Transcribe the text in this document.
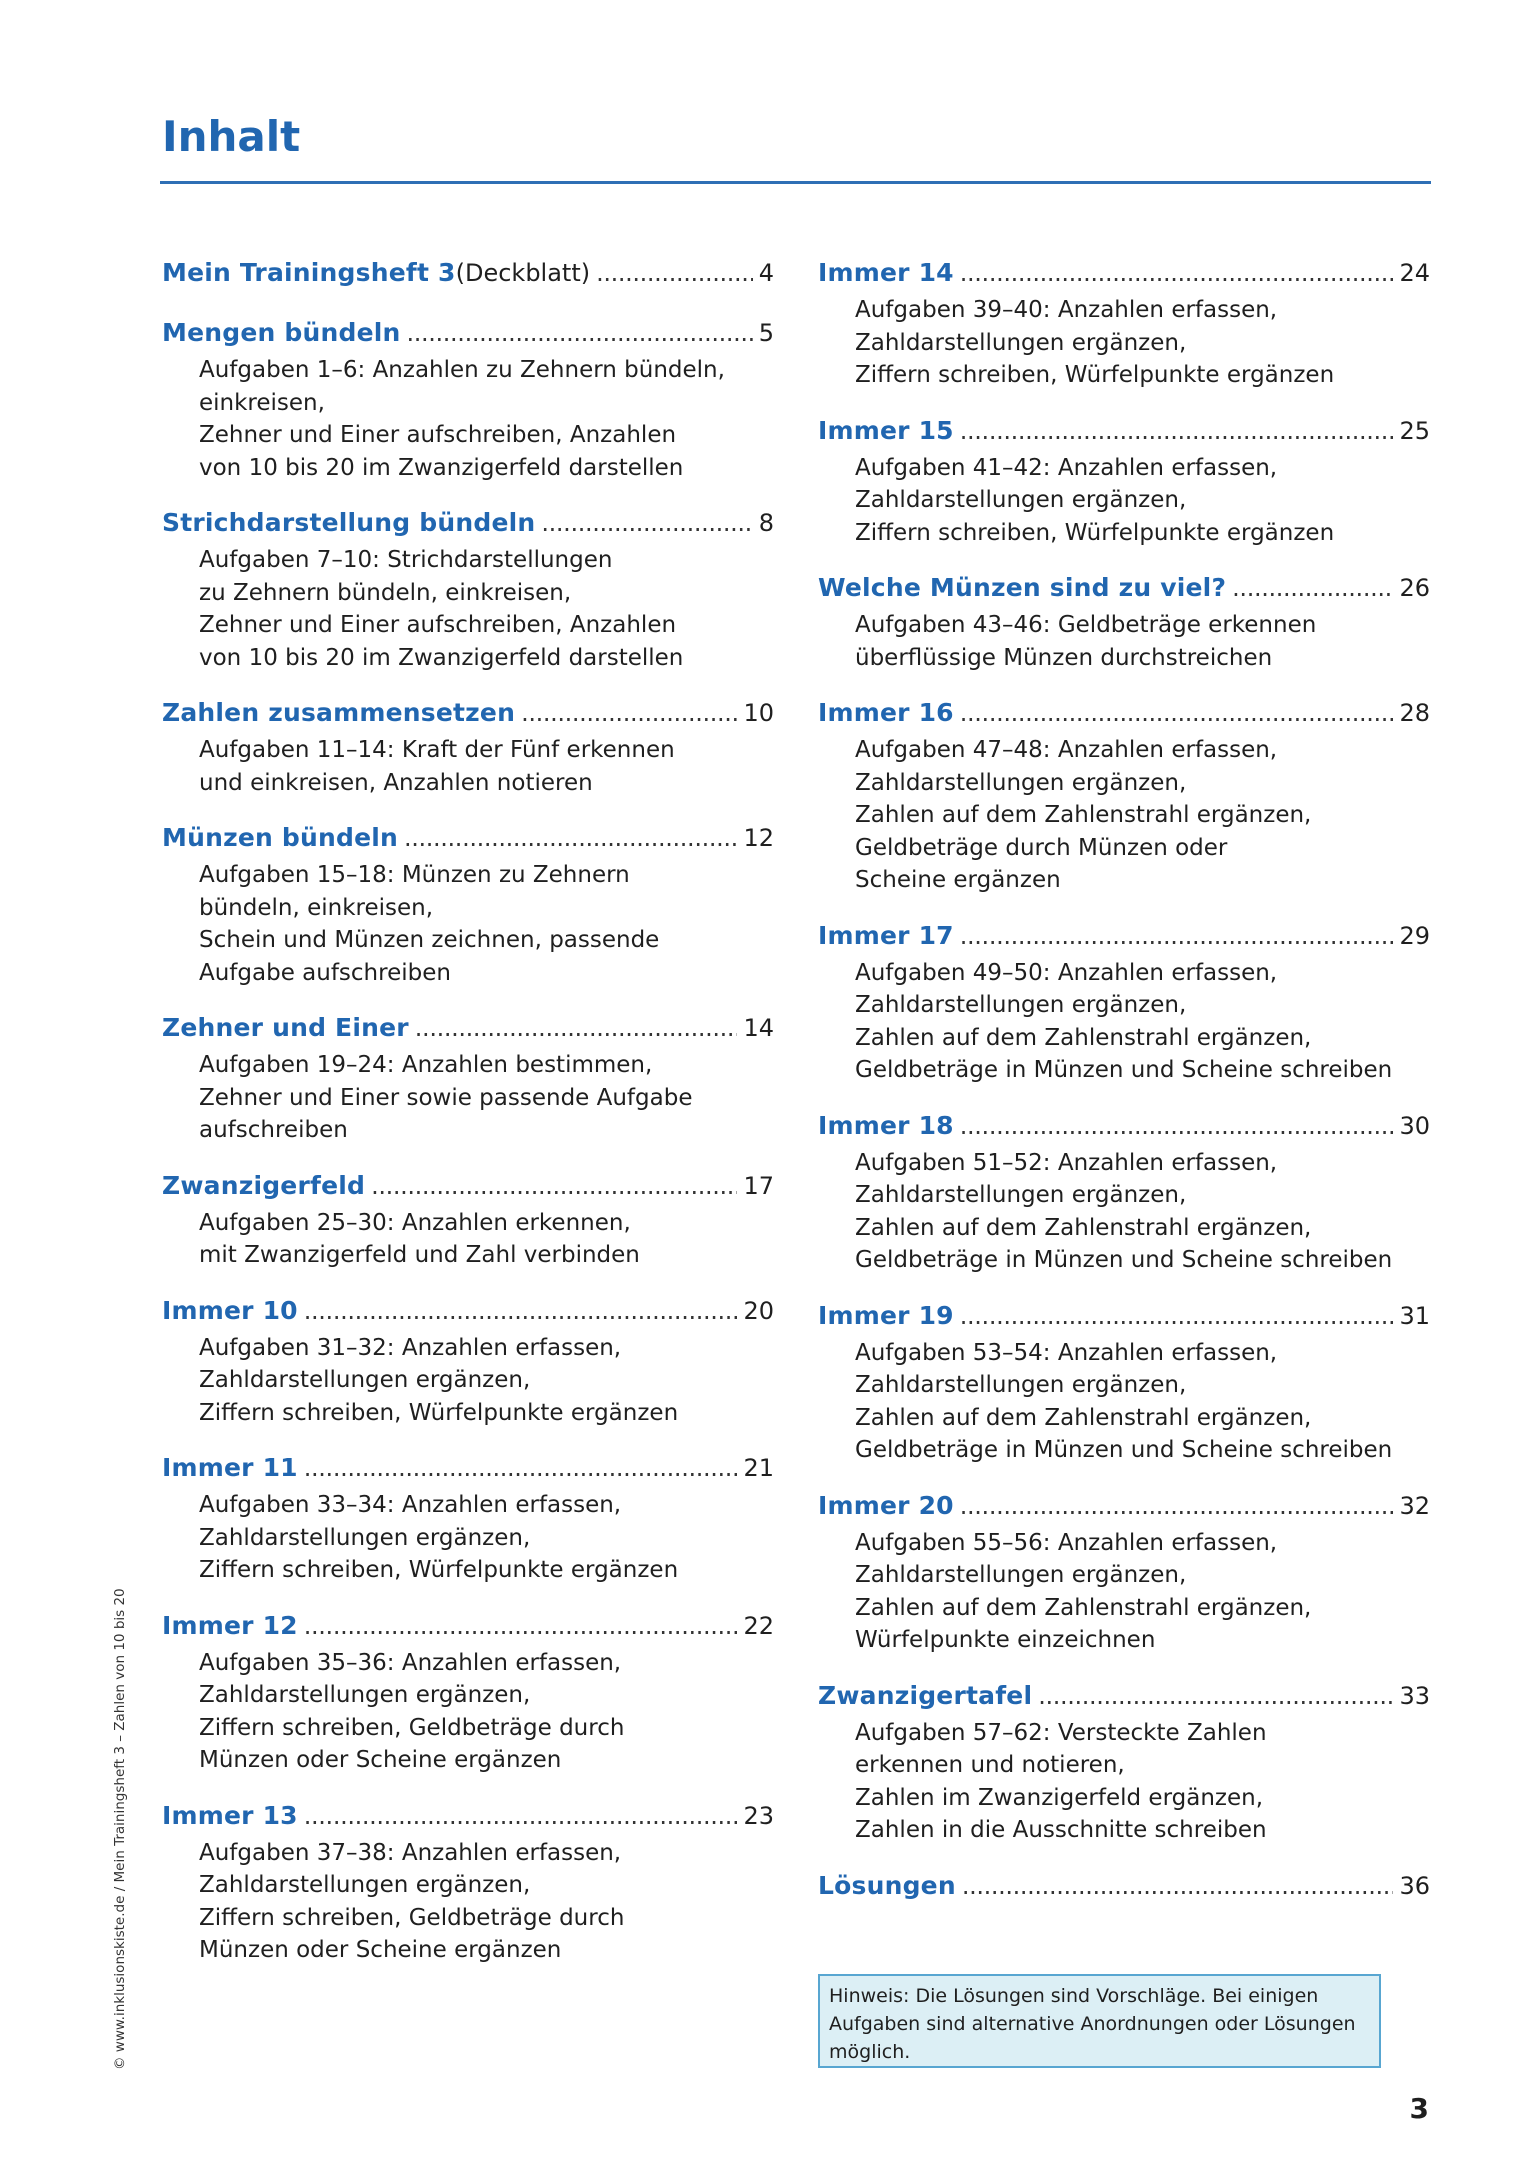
Inhalt
Mein Trainingsheft 3 (Deckblatt) . . .	4
Mengen bündeln . . .	5
Aufgaben 1–6: Anzahlen zu Zehnern bündeln,
einkreisen,
Zehner und Einer aufschreiben, Anzahlen
von 10 bis 20 im Zwanzigerfeld darstellen
Strichdarstellung bündeln . . .	8
Aufgaben 7–10: Strichdarstellungen
zu Zehnern bündeln, einkreisen,
Zehner und Einer aufschreiben, Anzahlen
von 10 bis 20 im Zwanzigerfeld darstellen
Zahlen zusammensetzen . . .	10
Aufgaben 11–14: Kraft der Fünf erkennen
und einkreisen, Anzahlen notieren
Münzen bündeln . . .	12
Aufgaben 15–18: Münzen zu Zehnern
bündeln, einkreisen,
Schein und Münzen zeichnen, passende
Aufgabe aufschreiben
Zehner und Einer . . .	14
Aufgaben 19–24: Anzahlen bestimmen,
Zehner und Einer sowie passende Aufgabe
aufschreiben
Zwanzigerfeld . . .	17
Aufgaben 25–30: Anzahlen erkennen,
mit Zwanzigerfeld und Zahl verbinden
Immer 10 . . .	20
Aufgaben 31–32: Anzahlen erfassen,
Zahldarstellungen ergänzen,
Ziffern schreiben, Würfelpunkte ergänzen
Immer 11 . . .	21
Aufgaben 33–34: Anzahlen erfassen,
Zahldarstellungen ergänzen,
Ziffern schreiben, Würfelpunkte ergänzen
Immer 12 . . .	22
Aufgaben 35–36: Anzahlen erfassen,
Zahldarstellungen ergänzen,
Ziffern schreiben, Geldbeträge durch
Münzen oder Scheine ergänzen
Immer 13 . . .	23
Aufgaben 37–38: Anzahlen erfassen,
Zahldarstellungen ergänzen,
Ziffern schreiben, Geldbeträge durch
Münzen oder Scheine ergänzen
Immer 14 . . .	24
Aufgaben 39–40: Anzahlen erfassen,
Zahldarstellungen ergänzen,
Ziffern schreiben, Würfelpunkte ergänzen
Immer 15 . . .	25
Aufgaben 41–42: Anzahlen erfassen,
Zahldarstellungen ergänzen,
Ziffern schreiben, Würfelpunkte ergänzen
Welche Münzen sind zu viel? . . .	26
Aufgaben 43–46: Geldbeträge erkennen
überflüssige Münzen durchstreichen
Immer 16 . . .	28
Aufgaben 47–48: Anzahlen erfassen,
Zahldarstellungen ergänzen,
Zahlen auf dem Zahlenstrahl ergänzen,
Geldbeträge durch Münzen oder
Scheine ergänzen
Immer 17 . . .	29
Aufgaben 49–50: Anzahlen erfassen,
Zahldarstellungen ergänzen,
Zahlen auf dem Zahlenstrahl ergänzen,
Geldbeträge in Münzen und Scheine schreiben
Immer 18 . . .	30
Aufgaben 51–52: Anzahlen erfassen,
Zahldarstellungen ergänzen,
Zahlen auf dem Zahlenstrahl ergänzen,
Geldbeträge in Münzen und Scheine schreiben
Immer 19 . . .	31
Aufgaben 53–54: Anzahlen erfassen,
Zahldarstellungen ergänzen,
Zahlen auf dem Zahlenstrahl ergänzen,
Geldbeträge in Münzen und Scheine schreiben
Immer 20 . . .	32
Aufgaben 55–56: Anzahlen erfassen,
Zahldarstellungen ergänzen,
Zahlen auf dem Zahlenstrahl ergänzen,
Würfelpunkte einzeichnen
Zwanzigertafel . . .	33
Aufgaben 57–62: Versteckte Zahlen
erkennen und notieren,
Zahlen im Zwanzigerfeld ergänzen,
Zahlen in die Ausschnitte schreiben
Lösungen . . .	36
Hinweis: Die Lösungen sind Vorschläge. Bei einigen Aufgaben sind alternative Anordnungen oder Lösungen möglich.
© www.inklusionskiste.de / Mein Trainingsheft 3 – Zahlen von 10 bis 20
3
